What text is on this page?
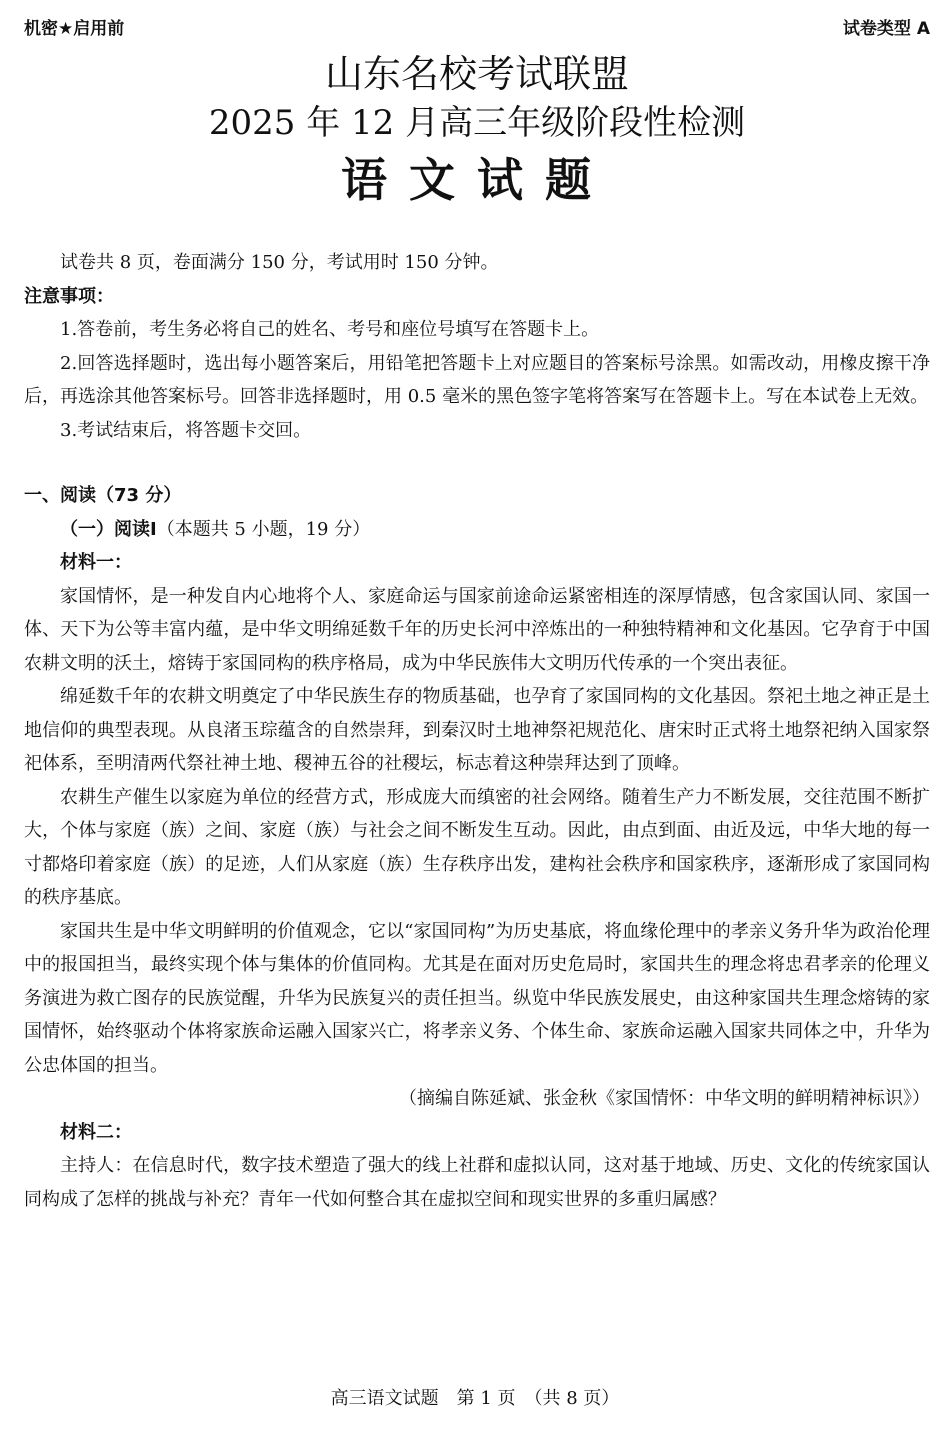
机密★启用前	试卷类型 A
山东名校考试联盟
2025 年 12 月高三年级阶段性检测
语文试题

试卷共 8 页，卷面满分 150 分，考试用时 150 分钟。

注意事项：

1.答卷前，考生务必将自己的姓名、考号和座位号填写在答题卡上。

2.回答选择题时，选出每小题答案后，用铅笔把答题卡上对应题目的答案标号涂黑。如需改动，用橡皮擦干净后，再选涂其他答案标号。回答非选择题时，用 0.5 毫米的黑色签字笔将答案写在答题卡上。写在本试卷上无效。

3.考试结束后，将答题卡交回。

一、阅读（73 分）

（一）阅读Ⅰ（本题共 5 小题，19 分）

材料一：

家国情怀，是一种发自内心地将个人、家庭命运与国家前途命运紧密相连的深厚情感，包含家国认同、家国一体、天下为公等丰富内蕴，是中华文明绵延数千年的历史长河中淬炼出的一种独特精神和文化基因。它孕育于中国农耕文明的沃土，熔铸于家国同构的秩序格局，成为中华民族伟大文明历代传承的一个突出表征。

绵延数千年的农耕文明奠定了中华民族生存的物质基础，也孕育了家国同构的文化基因。祭祀土地之神正是土地信仰的典型表现。从良渚玉琮蕴含的自然崇拜，到秦汉时土地神祭祀规范化、唐宋时正式将土地祭祀纳入国家祭祀体系，至明清两代祭社神土地、稷神五谷的社稷坛，标志着这种崇拜达到了顶峰。

农耕生产催生以家庭为单位的经营方式，形成庞大而缜密的社会网络。随着生产力不断发展，交往范围不断扩大，个体与家庭（族）之间、家庭（族）与社会之间不断发生互动。因此，由点到面、由近及远，中华大地的每一寸都烙印着家庭（族）的足迹，人们从家庭（族）生存秩序出发，建构社会秩序和国家秩序，逐渐形成了家国同构的秩序基底。

家国共生是中华文明鲜明的价值观念，它以“家国同构”为历史基底，将血缘伦理中的孝亲义务升华为政治伦理中的报国担当，最终实现个体与集体的价值同构。尤其是在面对历史危局时，家国共生的理念将忠君孝亲的伦理义务演进为救亡图存的民族觉醒，升华为民族复兴的责任担当。纵览中华民族发展史，由这种家国共生理念熔铸的家国情怀，始终驱动个体将家族命运融入国家兴亡，将孝亲义务、个体生命、家族命运融入国家共同体之中，升华为公忠体国的担当。

（摘编自陈延斌、张金秋《家国情怀：中华文明的鲜明精神标识》）

材料二：

主持人：在信息时代，数字技术塑造了强大的线上社群和虚拟认同，这对基于地域、历史、文化的传统家国认同构成了怎样的挑战与补充？青年一代如何整合其在虚拟空间和现实世界的多重归属感？

高三语文试题　第 1 页　（共 8 页）
